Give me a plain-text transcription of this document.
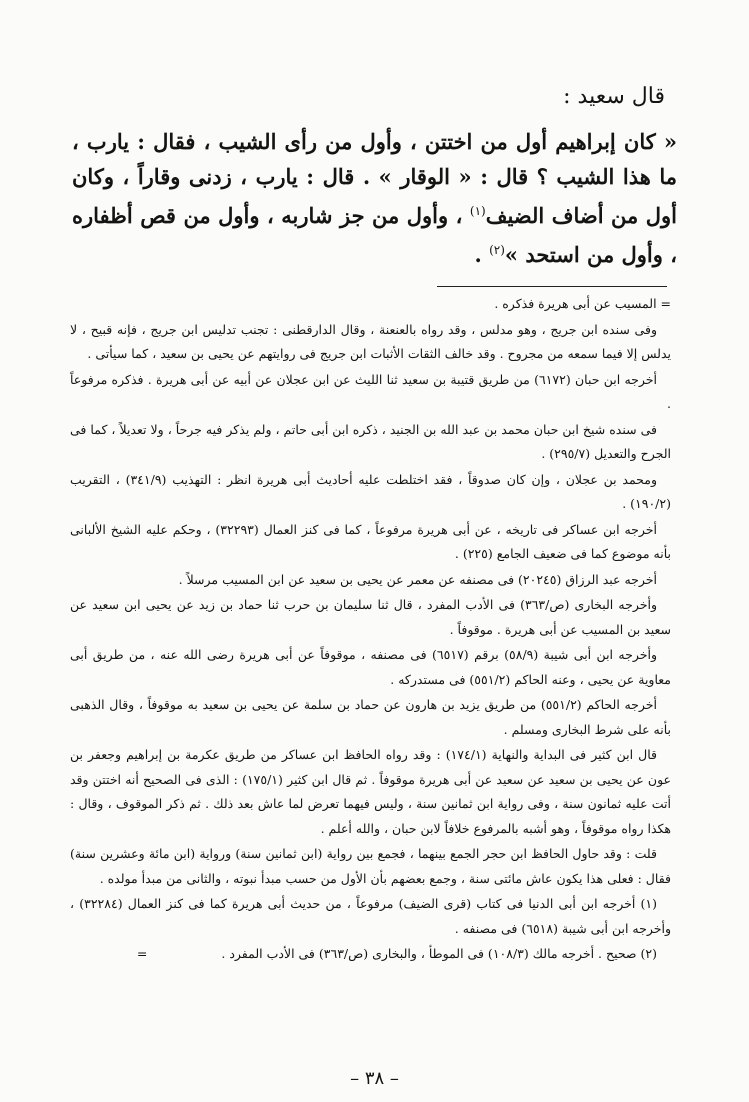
قال سعيد :
« كان إبراهيم أول من اختتن ، وأول من رأى الشيب ، فقال : يارب ، ما هذا الشيب ؟ قال : « الوقار » . قال : يارب ، زدنى وقاراً ، وكان أول من أضاف الضيف$^{(١)}$ ، وأول من جز شاربه ، وأول من قص أظفاره ، وأول من استحد »$^{(٢)}$ .

= المسيب عن أبى هريرة فذكره .

وفى سنده ابن جريج ، وهو مدلس ، وقد رواه بالعنعنة ، وقال الدارقطنى : تجنب تدليس ابن جريج ، فإنه قبيح ، لا يدلس إلا فيما سمعه من مجروح . وقد خالف الثقات الأثبات ابن جريج فى روايتهم عن يحيى بن سعيد ، كما سيأتى .

أخرجه ابن حبان (٦١٧٢) من طريق قتيبة بن سعيد ثنا الليث عن ابن عجلان عن أبيه عن أبى هريرة . فذكره مرفوعاً .

فى سنده شيخ ابن حبان محمد بن عبد الله بن الجنيد ، ذكره ابن أبى حاتم ، ولم يذكر فيه جرحاً ، ولا تعديلاً ، كما فى الجرح والتعديل (٢٩٥/٧) .

ومحمد بن عجلان ، وإن كان صدوقاً ، فقد اختلطت عليه أحاديث أبى هريرة انظر : التهذيب (٣٤١/٩) ، التقريب (١٩٠/٢) .

أخرجه ابن عساكر فى تاريخه ، عن أبى هريرة مرفوعاً ، كما فى كنز العمال (٣٢٢٩٣) ، وحكم عليه الشيخ الألبانى بأنه موضوع كما فى ضعيف الجامع (٢٢٥) .

أخرجه عبد الرزاق (٢٠٢٤٥) فى مصنفه عن معمر عن يحيى بن سعيد عن ابن المسيب مرسلاً .

وأخرجه البخارى (ص/٣٦٣) فى الأدب المفرد ، قال ثنا سليمان بن حرب ثنا حماد بن زيد عن يحيى ابن سعيد عن سعيد بن المسيب عن أبى هريرة . موقوفاً .

وأخرجه ابن أبى شيبة (٥٨/٩) برقم (٦٥١٧) فى مصنفه ، موقوفاً عن أبى هريرة رضى الله عنه ، من طريق أبى معاوية عن يحيى ، وعنه الحاكم (٥٥١/٢) فى مستدركه .

أخرجه الحاكم (٥٥١/٢) من طريق يزيد بن هارون عن حماد بن سلمة عن يحيى بن سعيد به موقوفاً ، وقال الذهبى بأنه على شرط البخارى ومسلم .

قال ابن كثير فى البداية والنهاية (١٧٤/١) : وقد رواه الحافظ ابن عساكر من طريق عكرمة بن إبراهيم وجعفر بن عون عن يحيى بن سعيد عن سعيد عن أبى هريرة موقوفاً . ثم قال ابن كثير (١٧٥/١) : الذى فى الصحيح أنه اختتن وقد أتت عليه ثمانون سنة ، وفى رواية ابن ثمانين سنة ، وليس فيهما تعرض لما عاش بعد ذلك . ثم ذكر الموقوف ، وقال : هكذا رواه موقوفاً ، وهو أشبه بالمرفوع خلافاً لابن حبان ، والله أعلم .

قلت : وقد حاول الحافظ ابن حجر الجمع بينهما ، فجمع بين رواية (ابن ثمانين سنة) ورواية (ابن مائة وعشرين سنة) فقال : فعلى هذا يكون عاش مائتى سنة ، وجمع بعضهم بأن الأول من حسب مبدأ نبوته ، والثانى من مبدأ مولده .

(١) أخرجه ابن أبى الدنيا فى كتاب (قرى الضيف) مرفوعاً ، من حديث أبى هريرة كما فى كنز العمال (٣٢٢٨٤) ، وأخرجه ابن أبى شيبة (٦٥١٨) فى مصنفه .

(٢) صحيح . أخرجه مالك (١٠٨/٣) فى الموطأ ، والبخارى (ص/٣٦٣) فى الأدب المفرد .=

– ٣٨ –
